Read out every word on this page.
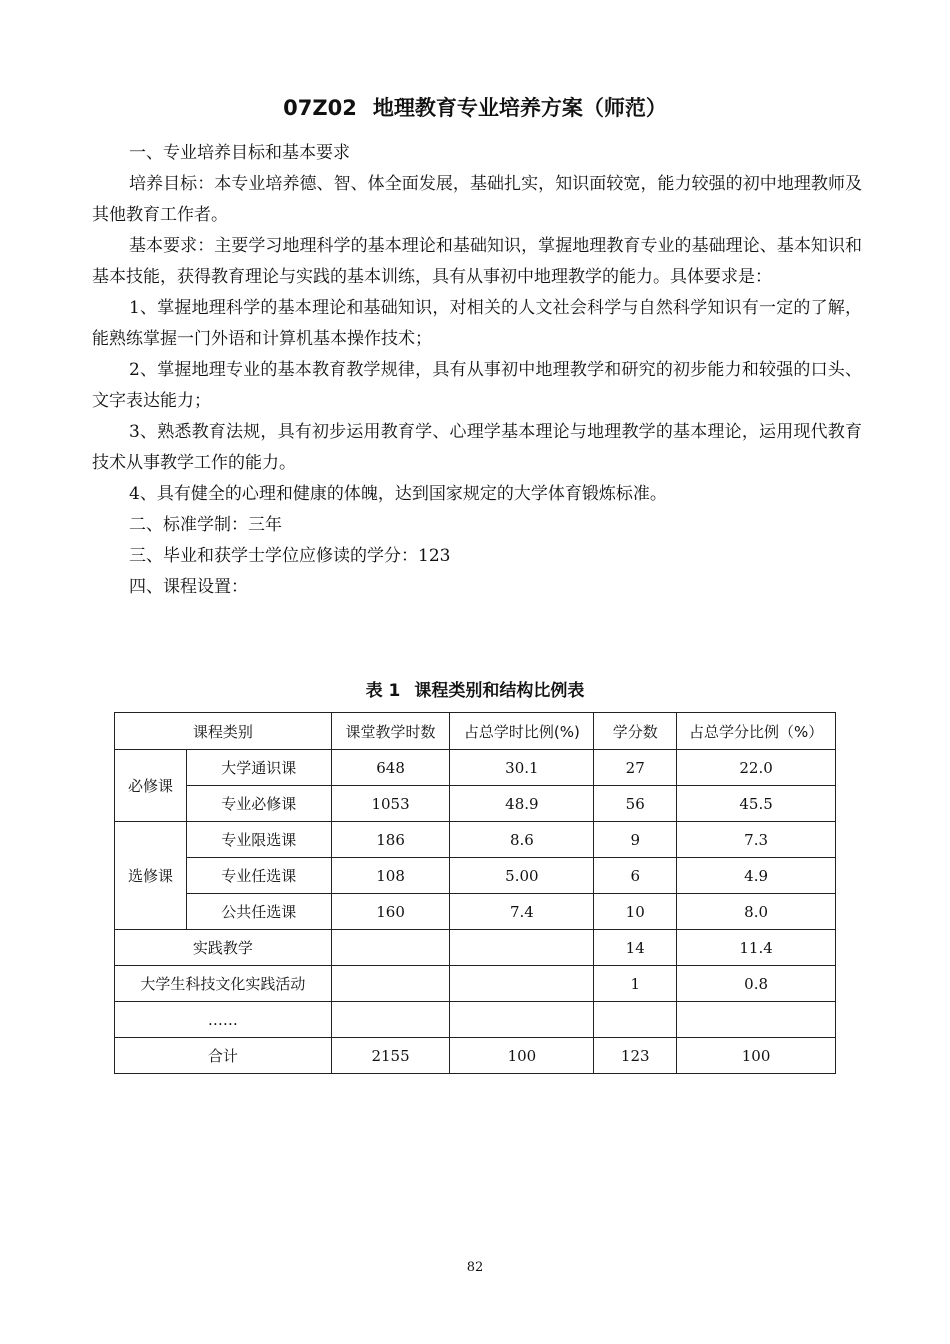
07Z02 地理教育专业培养方案（师范）

一、专业培养目标和基本要求

培养目标：本专业培养德、智、体全面发展，基础扎实，知识面较宽，能力较强的初中地理教师及其他教育工作者。

基本要求：主要学习地理科学的基本理论和基础知识，掌握地理教育专业的基础理论、基本知识和基本技能，获得教育理论与实践的基本训练，具有从事初中地理教学的能力。具体要求是：

1、掌握地理科学的基本理论和基础知识，对相关的人文社会科学与自然科学知识有一定的了解，能熟练掌握一门外语和计算机基本操作技术；

2、掌握地理专业的基本教育教学规律，具有从事初中地理教学和研究的初步能力和较强的口头、文字表达能力；

3、熟悉教育法规，具有初步运用教育学、心理学基本理论与地理教学的基本理论，运用现代教育技术从事教学工作的能力。

4、具有健全的心理和健康的体魄，达到国家规定的大学体育锻炼标准。

二、标准学制：三年

三、毕业和获学士学位应修读的学分：123

四、课程设置：

表 1 课程类别和结构比例表
课程类别		课堂教学时数	占总学时比例(%)	学分数	占总学分比例（%）
必修课	大学通识课	648	30.1	27	22.0
	专业必修课	1053	48.9	56	45.5
选修课	专业限选课	186	8.6	9	7.3
	专业任选课	108	5.00	6	4.9
	公共任选课	160	7.4	10	8.0
实践教学				14	11.4
大学生科技文化实践活动				1	0.8
……					
合计		2155	100	123	100
82
